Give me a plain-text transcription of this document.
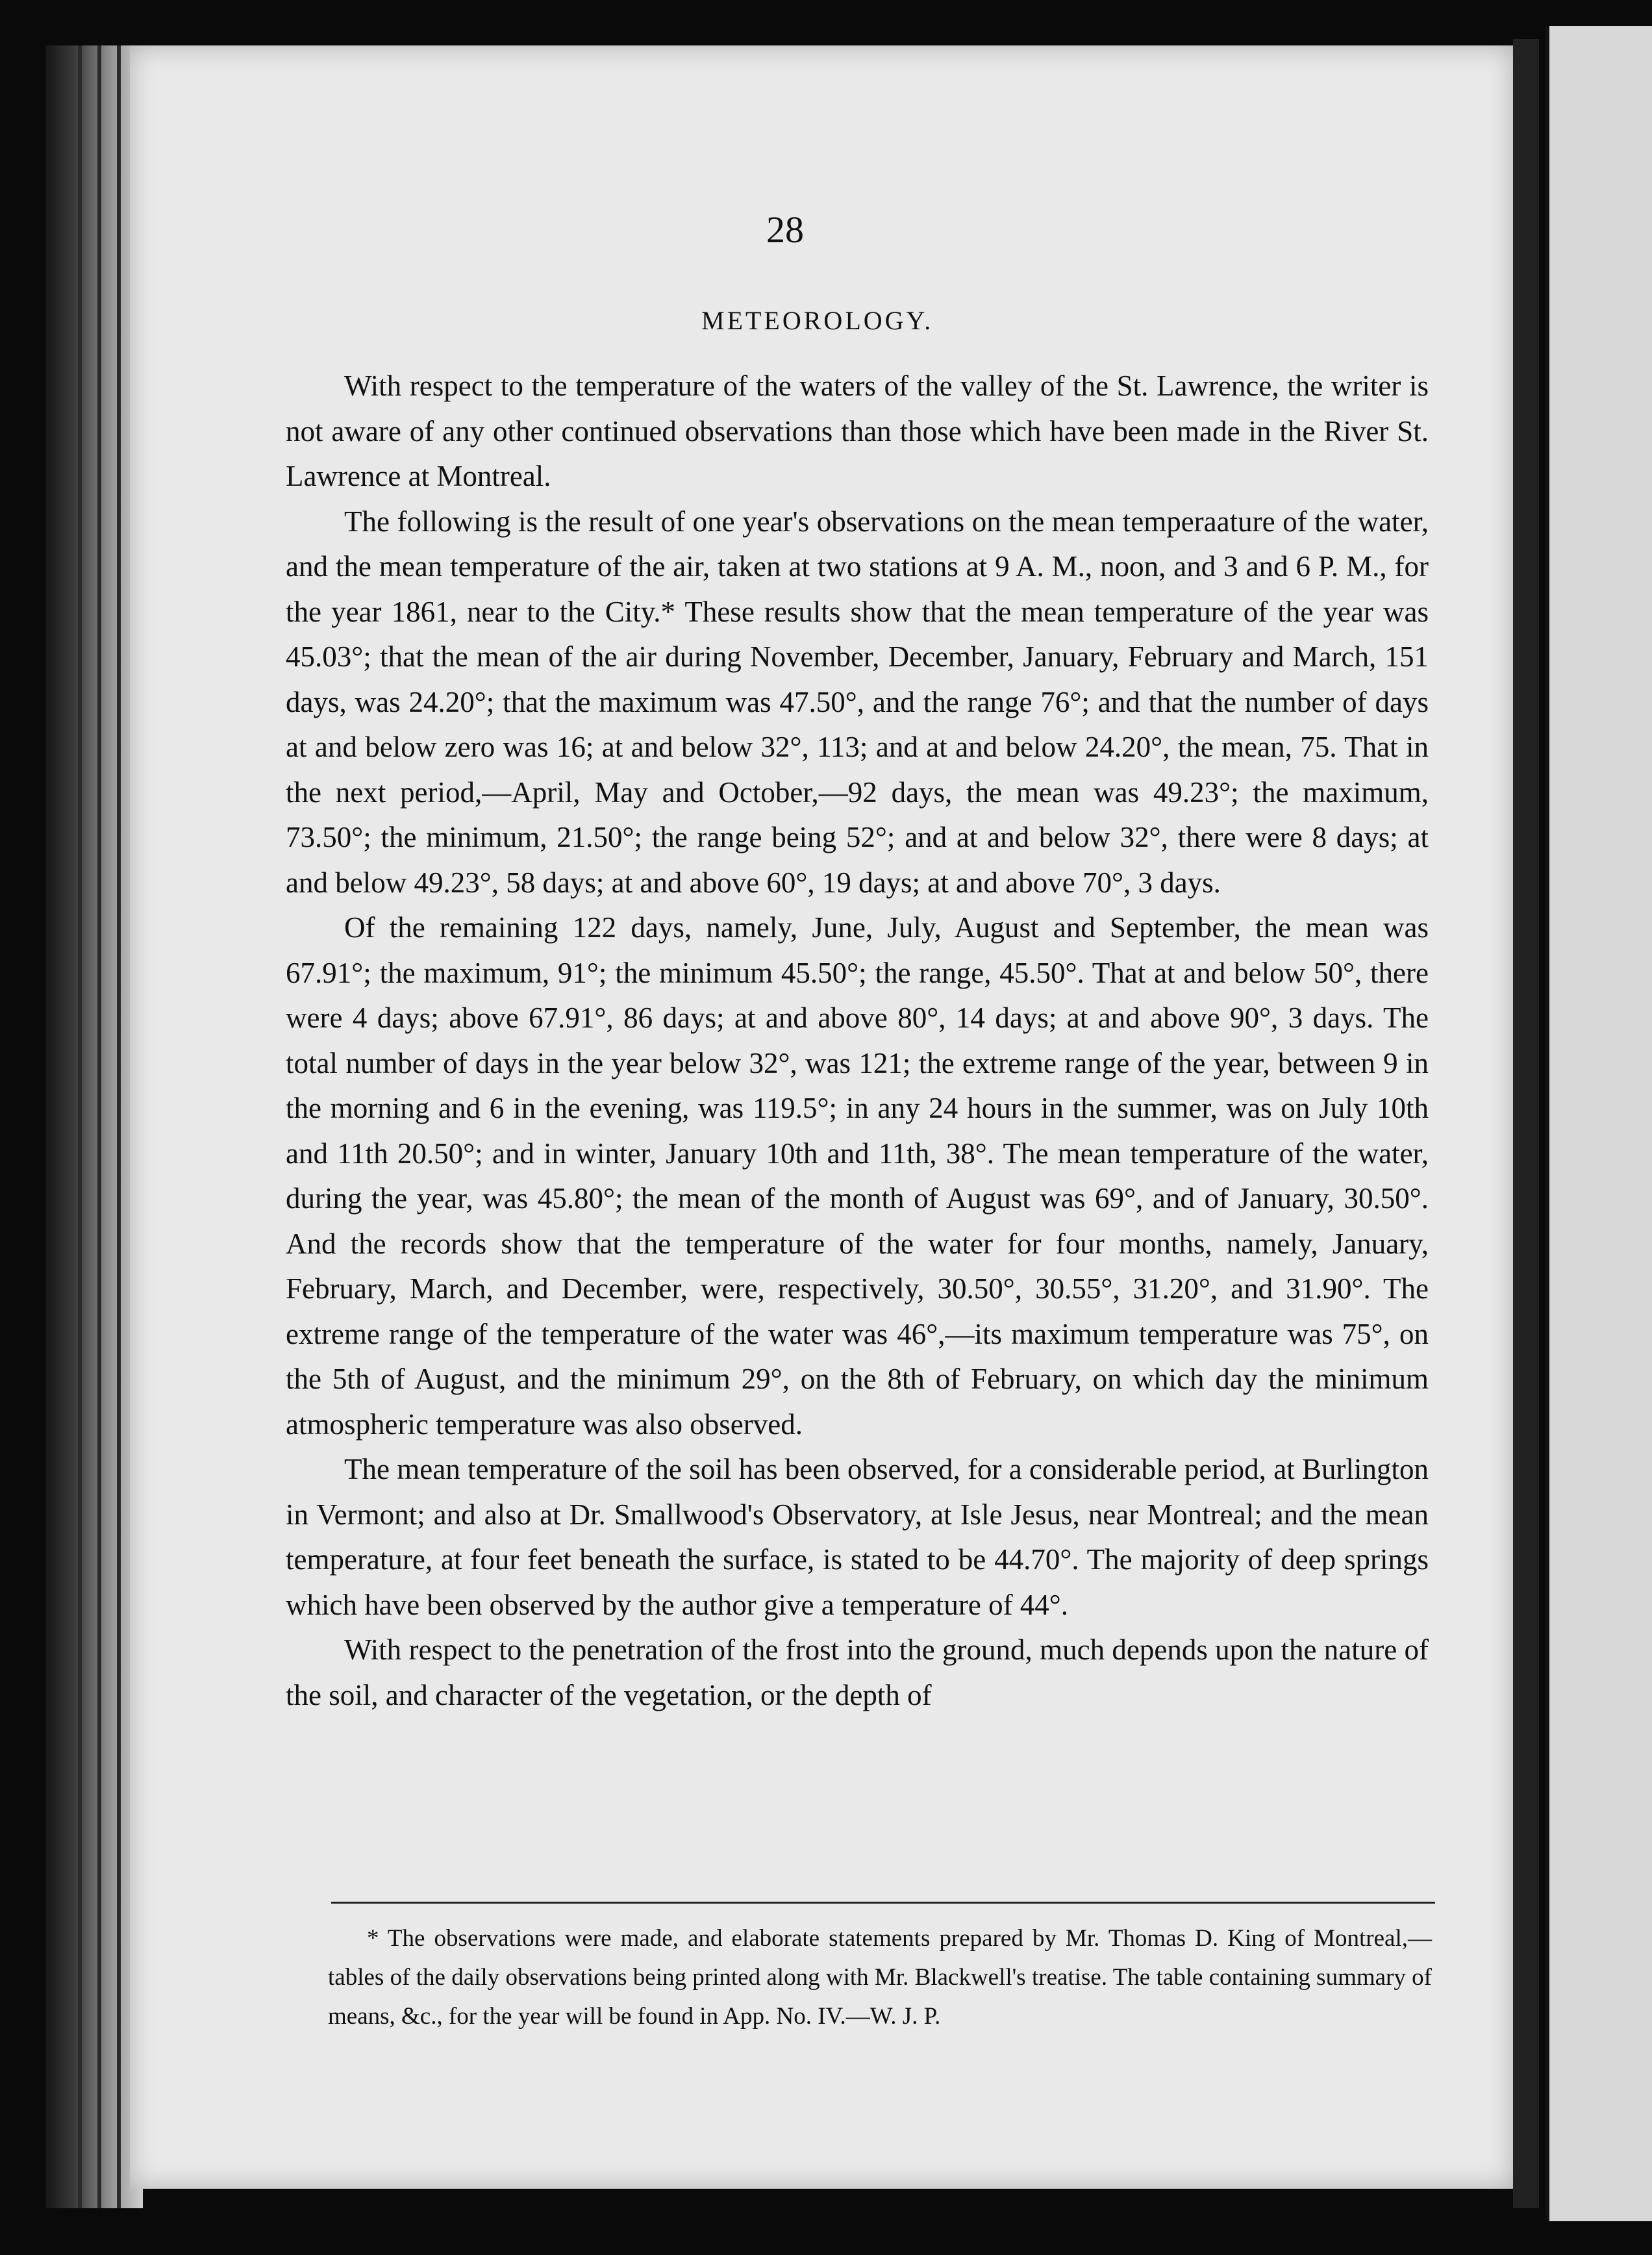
28
METEOROLOGY.

With respect to the temperature of the waters of the valley of the St. Lawrence, the writer is not aware of any other continued observations than those which have been made in the River St. Lawrence at Montreal.

The following is the result of one year's observations on the mean temperaature of the water, and the mean temperature of the air, taken at two stations at 9 A. M., noon, and 3 and 6 P. M., for the year 1861, near to the City.* These results show that the mean temperature of the year was 45.03°; that the mean of the air during November, December, January, February and March, 151 days, was 24.20°; that the maximum was 47.50°, and the range 76°; and that the number of days at and below zero was 16; at and below 32°, 113; and at and below 24.20°, the mean, 75. That in the next period,—April, May and October,—92 days, the mean was 49.23°; the maximum, 73.50°; the minimum, 21.50°; the range being 52°; and at and below 32°, there were 8 days; at and below 49.23°, 58 days; at and above 60°, 19 days; at and above 70°, 3 days.

Of the remaining 122 days, namely, June, July, August and September, the mean was 67.91°; the maximum, 91°; the minimum 45.50°; the range, 45.50°. That at and below 50°, there were 4 days; above 67.91°, 86 days; at and above 80°, 14 days; at and above 90°, 3 days. The total number of days in the year below 32°, was 121; the extreme range of the year, between 9 in the morning and 6 in the evening, was 119.5°; in any 24 hours in the summer, was on July 10th and 11th 20.50°; and in winter, January 10th and 11th, 38°. The mean temperature of the water, during the year, was 45.80°; the mean of the month of August was 69°, and of January, 30.50°. And the records show that the temperature of the water for four months, namely, January, February, March, and December, were, respectively, 30.50°, 30.55°, 31.20°, and 31.90°. The extreme range of the temperature of the water was 46°,—its maximum temperature was 75°, on the 5th of August, and the minimum 29°, on the 8th of February, on which day the minimum atmospheric temperature was also observed.

The mean temperature of the soil has been observed, for a considerable period, at Burlington in Vermont; and also at Dr. Smallwood's Observatory, at Isle Jesus, near Montreal; and the mean temperature, at four feet beneath the surface, is stated to be 44.70°. The majority of deep springs which have been observed by the author give a temperature of 44°.

With respect to the penetration of the frost into the ground, much depends upon the nature of the soil, and character of the vegetation, or the depth of

* The observations were made, and elaborate statements prepared by Mr. Thomas D. King of Montreal,—tables of the daily observations being printed along with Mr. Blackwell's treatise. The table containing summary of means, &c., for the year will be found in App. No. IV.—W. J. P.
